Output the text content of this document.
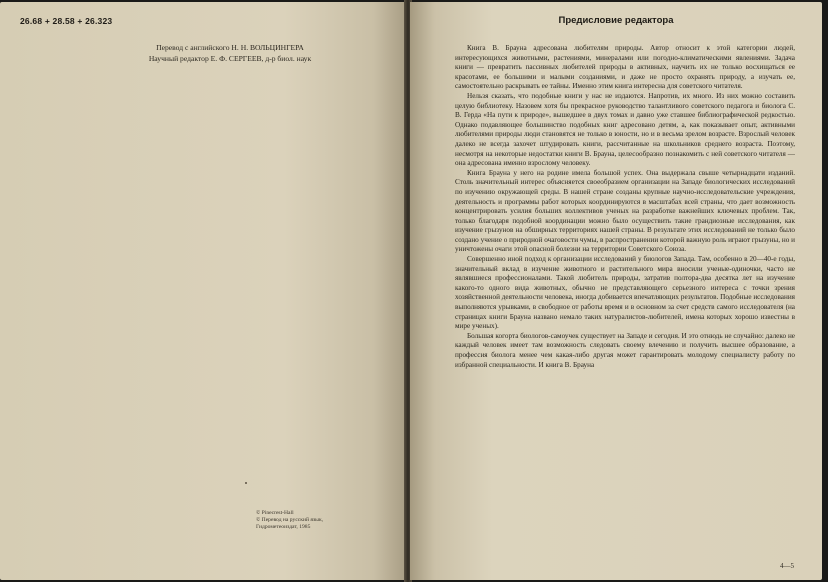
26.68 + 28.58 + 26.323
Перевод с английского Н. Н. ВОЛЬЦИНГЕРА
Научный редактор Е. Ф. СЕРГЕЕВ, д-р биол. наук
© Pinecrest-Hall
© Перевод на русский язык,
Гидрометеоиздат, 1985
Предисловие редактора

Книга В. Брауна адресована любителям природы. Автор относит к этой категории людей, интересующихся животными, растениями, минералами или погодно-климатическими явлениями. Задача книги — превратить пассивных любителей природы в активных, научить их не только восхищаться ее красотами, ее большими и малыми созданиями, и даже не просто охранять природу, а изучать ее, самостоятельно раскрывать ее тайны. Именно этим книга интересна для советского читателя.

Нельзя сказать, что подобные книги у нас не издаются. Напротив, их много. Из них можно составить целую библиотеку. Назовем хотя бы прекрасное руководство талантливого советского педагога и биолога С. В. Герда «На пути к природе», вышедшее в двух томах и давно уже ставшее библиографической редкостью. Однако подавляющее большинство подобных книг адресовано детям, а, как показывает опыт, активными любителями природы люди становятся не только в юности, но и в весьма зрелом возрасте. Взрослый человек далеко не всегда захочет штудировать книги, рассчитанные на школьников среднего возраста. Поэтому, несмотря на некоторые недостатки книги В. Брауна, целесообразно познакомить с ней советского читателя — она адресована именно взрослому человеку.

Книга Брауна у него на родине имела большой успех. Она выдержала свыше четырнадцати изданий. Столь значительный интерес объясняется своеобразием организации на Западе биологических исследований по изучению окружающей среды. В нашей стране созданы крупные научно-исследовательские учреждения, деятельность и программы работ которых координируются в масштабах всей страны, что дает возможность концентрировать усилия больших коллективов ученых на разработке важнейших ключевых проблем. Так, только благодаря подобной координации можно было осуществить такие грандиозные исследования, как изучение грызунов на обширных территориях нашей страны. В результате этих исследований не только было создано учение о природной очаговости чумы, в распространении которой важную роль играют грызуны, но и уничтожены очаги этой опасной болезни на территории Советского Союза.

Совершенно иной подход к организации исследований у биологов Запада. Там, особенно в 20—40-е годы, значительный вклад в изучение животного и растительного мира вносили ученые-одиночки, часто не являвшиеся профессионалами. Такой любитель природы, затратив полтора-два десятка лет на изучение какого-то одного вида животных, обычно не представляющего серьезного интереса с точки зрения хозяйственной деятельности человека, иногда добивается впечатляющих результатов. Подобные исследования выполняются урывками, в свободное от работы время и в основном за счет средств самого исследователя (на страницах книги Брауна названо немало таких натуралистов-любителей, имена которых хорошо известны в мире ученых).

Большая когорта биологов-самоучек существует на Западе и сегодня. И это отнюдь не случайно: далеко не каждый человек имеет там возможность следовать своему влечению и получить высшее образование, а профессия биолога менее чем какая-либо другая может гарантировать молодому специалисту работу по избранной специальности. И книга В. Брауна

4—5
